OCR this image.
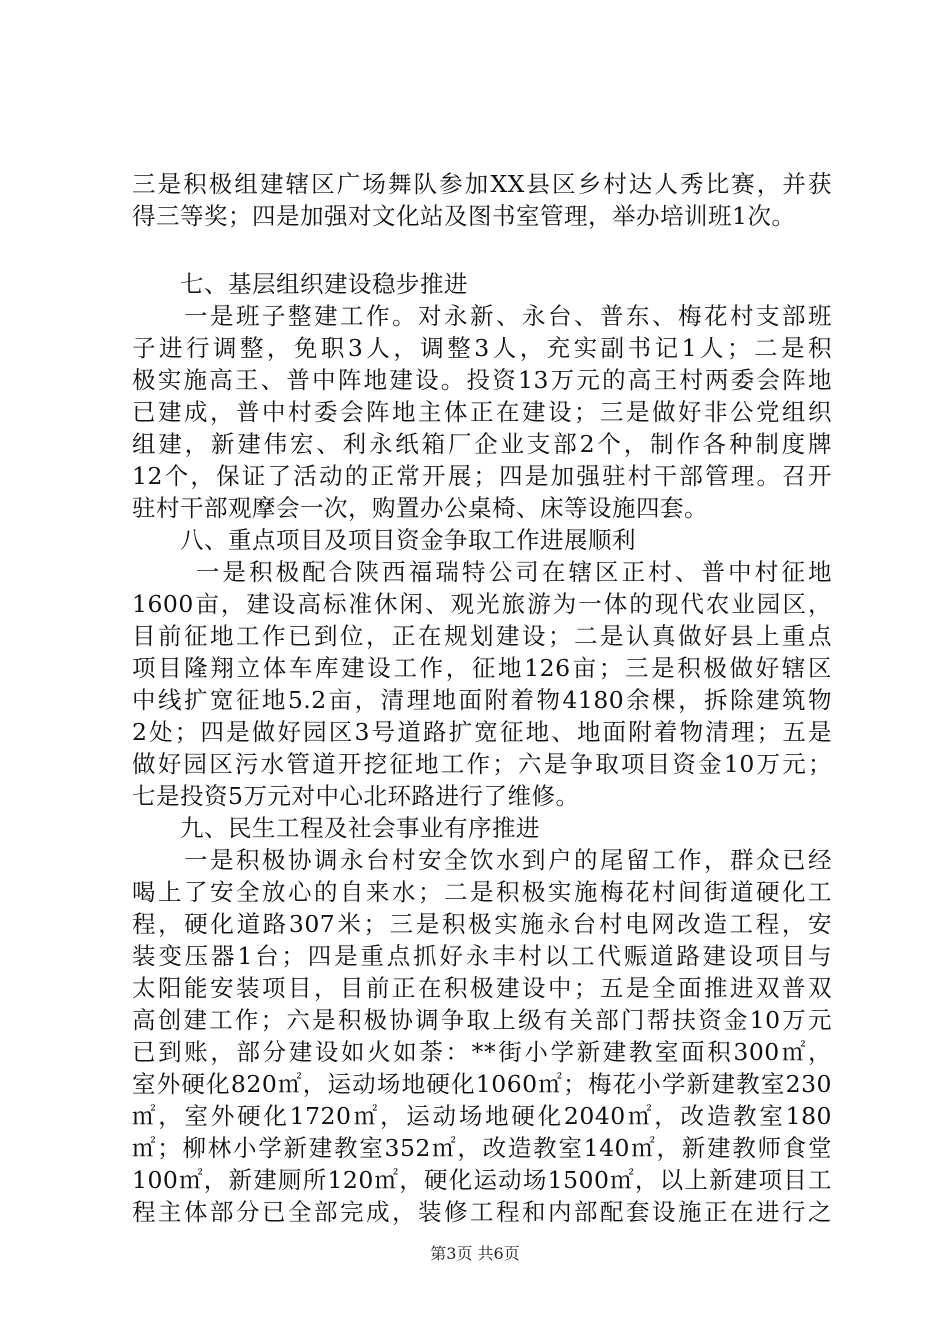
三是积极组建辖区广场舞队参加XX县区乡村达人秀比赛，并获
得三等奖；四是加强对文化站及图书室管理，举办培训班1次。
　　七、基层组织建设稳步推进
　　一是班子整建工作。对永新、永台、普东、梅花村支部班
子进行调整，免职3人，调整3人，充实副书记1人；二是积
极实施高王、普中阵地建设。投资13万元的高王村两委会阵地
已建成，普中村委会阵地主体正在建设；三是做好非公党组织
组建，新建伟宏、利永纸箱厂企业支部2个，制作各种制度牌
12个，保证了活动的正常开展；四是加强驻村干部管理。召开
驻村干部观摩会一次，购置办公桌椅、床等设施四套。
　　八、重点项目及项目资金争取工作进展顺利
　　 一是积极配合陕西福瑞特公司在辖区正村、普中村征地
1600亩，建设高标准休闲、观光旅游为一体的现代农业园区，
目前征地工作已到位，正在规划建设；二是认真做好县上重点
项目隆翔立体车库建设工作，征地126亩；三是积极做好辖区
中线扩宽征地5.2亩，清理地面附着物4180余棵，拆除建筑物
2处；四是做好园区3号道路扩宽征地、地面附着物清理；五是
做好园区污水管道开挖征地工作；六是争取项目资金10万元；
七是投资5万元对中心北环路进行了维修。
　　九、民生工程及社会事业有序推进
　　一是积极协调永台村安全饮水到户的尾留工作，群众已经
喝上了安全放心的自来水；二是积极实施梅花村间街道硬化工
程，硬化道路307米；三是积极实施永台村电网改造工程，安
装变压器1台；四是重点抓好永丰村以工代赈道路建设项目与
太阳能安装项目，目前正在积极建设中；五是全面推进双普双
高创建工作；六是积极协调争取上级有关部门帮扶资金10万元
已到账，部分建设如火如荼：**街小学新建教室面积300㎡，
室外硬化820㎡，运动场地硬化1060㎡；梅花小学新建教室230
㎡，室外硬化1720㎡，运动场地硬化2040㎡，改造教室180
㎡；柳林小学新建教室352㎡，改造教室140㎡，新建教师食堂
100㎡，新建厕所120㎡，硬化运动场1500㎡，以上新建项目工
程主体部分已全部完成，装修工程和内部配套设施正在进行之
第3页 共6页
